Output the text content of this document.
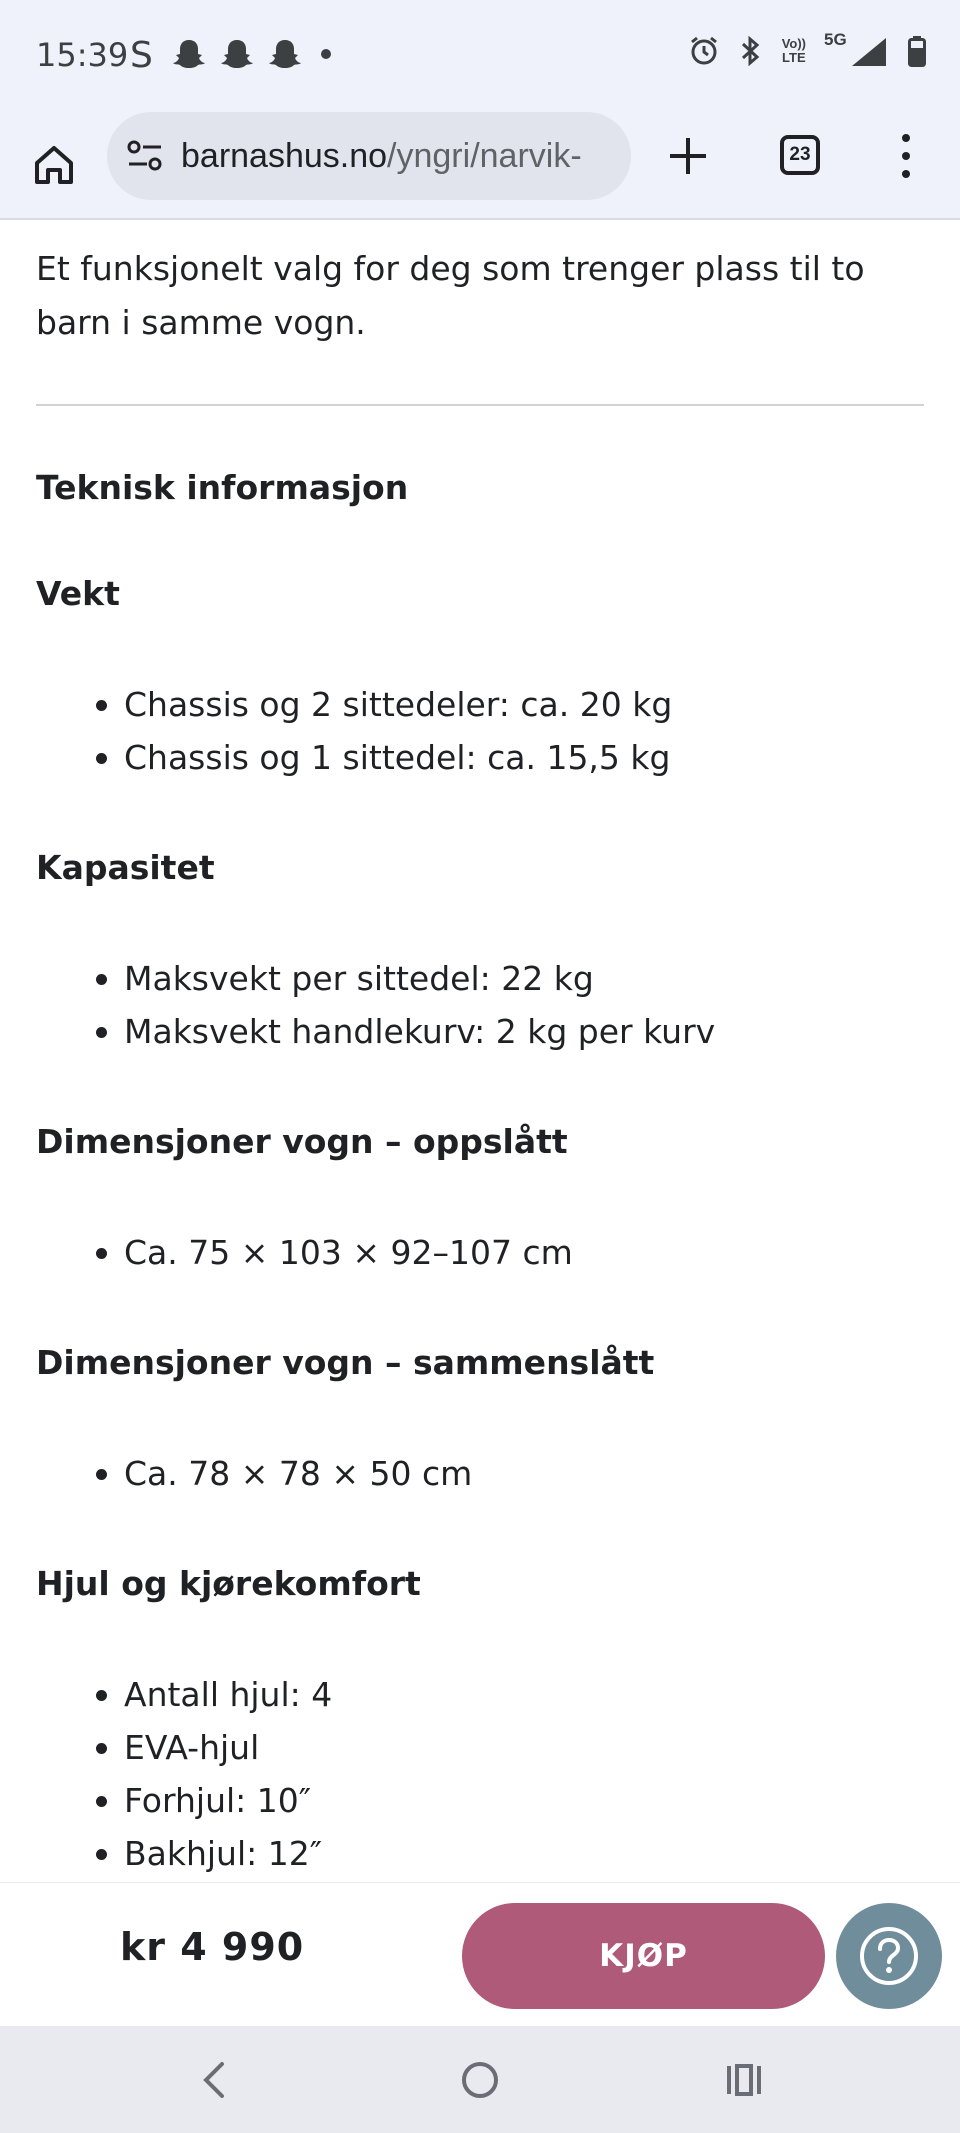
15:39 S	Vo))
LTE
5G
barnashus.no/yngri/narvik-	23

Et funksjonelt valg for deg som trenger plass til to barn i samme vogn.

Teknisk informasjon
Vekt
Chassis og 2 sittedeler: ca. 20 kg
Chassis og 1 sittedel: ca. 15,5 kg
Kapasitet
Maksvekt per sittedel: 22 kg
Maksvekt handlekurv: 2 kg per kurv
Dimensjoner vogn – oppslått
Ca. 75 × 103 × 92–107 cm
Dimensjoner vogn – sammenslått
Ca. 78 × 78 × 50 cm
Hjul og kjørekomfort
Antall hjul: 4
EVA-hjul
Forhjul: 10″
Bakhjul: 12″
kr 4 990	KJØP
